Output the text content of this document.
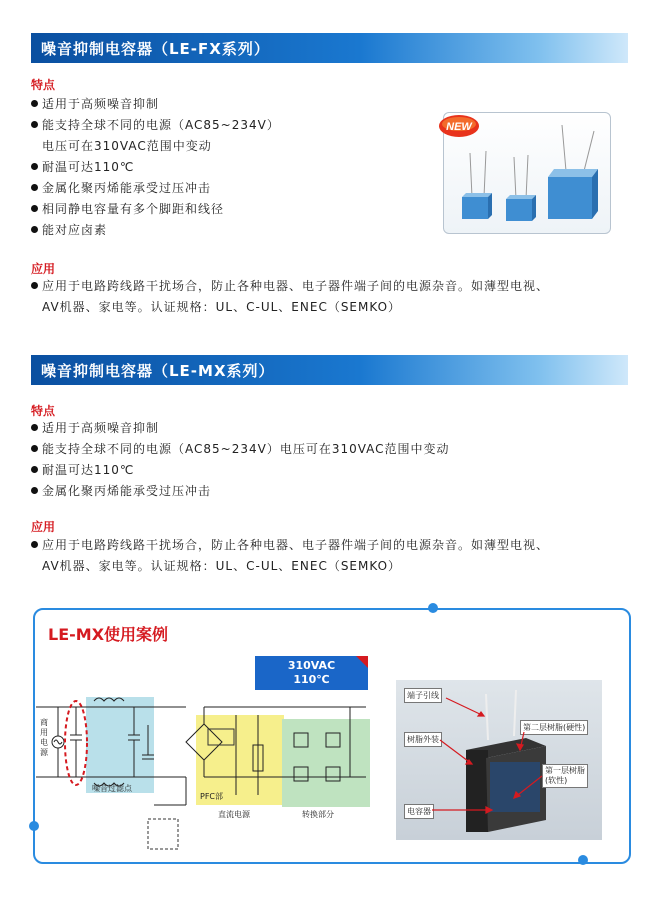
噪音抑制电容器（LE-FX系列）
特点
适用于高频噪音抑制
能支持全球不同的电源（AC85~234V）
电压可在310VAC范围中变动
耐温可达110℃
金属化聚丙烯能承受过压冲击
相同静电容量有多个脚距和线径
能对应卤素
NEW
应用
应用于电路跨线路干扰场合，防止各种电器、电子器件端子间的电源杂音。如薄型电视、
AV机器、家电等。认证规格：UL、C-UL、ENEC（SEMKO）
噪音抑制电容器（LE-MX系列）
特点
适用于高频噪音抑制
能支持全球不同的电源（AC85~234V）电压可在310VAC范围中变动
耐温可达110℃
金属化聚丙烯能承受过压冲击
应用
应用于电路跨线路干扰场合，防止各种电器、电子器件端子间的电源杂音。如薄型电视、
AV机器、家电等。认证规格：UL、C-UL、ENEC（SEMKO）
LE-MX使用案例
310VAC
110℃
商用电源
噪音过滤点
PFC部
直流电源	转换部分
端子引线
树脂外装
第二层树脂(硬性)
第一层树脂
(软性)
电容器
